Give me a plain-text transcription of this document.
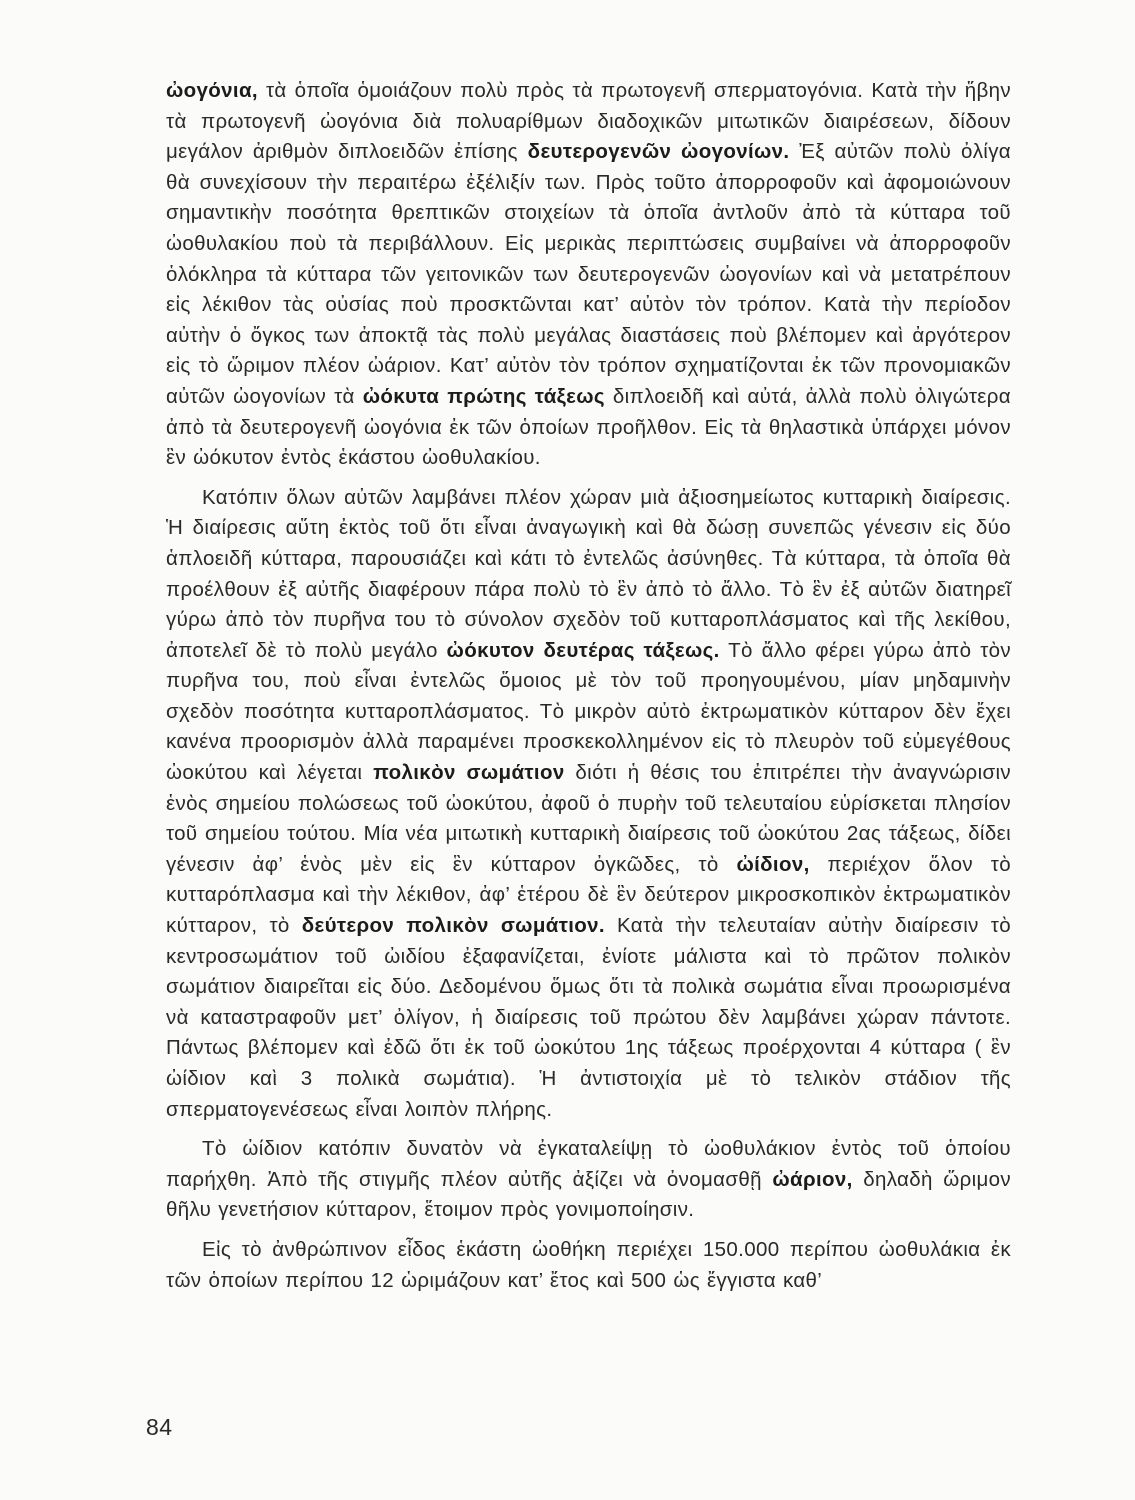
ὠογόνια, τὰ ὁποῖα ὁμοιάζουν πολὺ πρὸς τὰ πρωτογενῆ σπερματογόνια. Κατὰ τὴν ἥβην τὰ πρωτογενῆ ὠογόνια διὰ πολυαρίθμων διαδοχικῶν μιτωτικῶν διαιρέσεων, δίδουν μεγάλον ἀριθμὸν διπλοειδῶν ἐπίσης δευτερογενῶν ὠογονίων. Ἐξ αὐτῶν πολὺ ὀλίγα θὰ συνεχίσουν τὴν περαιτέρω ἐξέλιξίν των. Πρὸς τοῦτο ἀπορροφοῦν καὶ ἀφομοιώνουν σημαντικὴν ποσότητα θρεπτικῶν στοιχείων τὰ ὁποῖα ἀντλοῦν ἀπὸ τὰ κύτταρα τοῦ ὠοθυλακίου ποὺ τὰ περιβάλλουν. Εἰς μερικὰς περιπτώσεις συμβαίνει νὰ ἀπορροφοῦν ὁλόκληρα τὰ κύτταρα τῶν γειτονικῶν των δευτερογενῶν ὠογονίων καὶ νὰ μετατρέπουν εἰς λέκιθον τὰς οὐσίας ποὺ προσκτῶνται κατ’ αὐτὸν τὸν τρόπον. Κατὰ τὴν περίοδον αὐτὴν ὁ ὄγκος των ἀποκτᾷ τὰς πολὺ μεγάλας διαστάσεις ποὺ βλέπομεν καὶ ἀργότερον εἰς τὸ ὥριμον πλέον ὠάριον. Κατ’ αὐτὸν τὸν τρόπον σχηματίζονται ἐκ τῶν προνομιακῶν αὐτῶν ὠογονίων τὰ ὠόκυτα πρώτης τάξεως διπλοειδῆ καὶ αὐτά, ἀλλὰ πολὺ ὀλιγώτερα ἀπὸ τὰ δευτερογενῆ ὠογόνια ἐκ τῶν ὁποίων προῆλθον. Εἰς τὰ θηλαστικὰ ὑπάρχει μόνον ἓν ὠόκυτον ἐντὸς ἑκάστου ὠοθυλακίου.

Κατόπιν ὅλων αὐτῶν λαμβάνει πλέον χώραν μιὰ ἀξιοσημείωτος κυτταρικὴ διαίρεσις. Ἡ διαίρεσις αὕτη ἐκτὸς τοῦ ὅτι εἶναι ἀναγωγικὴ καὶ θὰ δώσῃ συνεπῶς γένεσιν εἰς δύο ἁπλοειδῆ κύτταρα, παρουσιάζει καὶ κάτι τὸ ἐντελῶς ἀσύνηθες. Τὰ κύτταρα, τὰ ὁποῖα θὰ προέλθουν ἐξ αὐτῆς διαφέρουν πάρα πολὺ τὸ ἓν ἀπὸ τὸ ἄλλο. Τὸ ἓν ἐξ αὐτῶν διατηρεῖ γύρω ἀπὸ τὸν πυρῆνα του τὸ σύνολον σχεδὸν τοῦ κυτταροπλάσματος καὶ τῆς λεκίθου, ἀποτελεῖ δὲ τὸ πολὺ μεγάλο ὠόκυτον δευτέρας τάξεως. Τὸ ἄλλο φέρει γύρω ἀπὸ τὸν πυρῆνα του, ποὺ εἶναι ἐντελῶς ὅμοιος μὲ τὸν τοῦ προηγουμένου, μίαν μηδαμινὴν σχεδὸν ποσότητα κυτταροπλάσματος. Τὸ μικρὸν αὐτὸ ἐκτρωματικὸν κύτταρον δὲν ἔχει κανένα προορισμὸν ἀλλὰ παραμένει προσκεκολλημένον εἰς τὸ πλευρὸν τοῦ εὐμεγέθους ὠοκύτου καὶ λέγεται πολικὸν σωμάτιον διότι ἡ θέσις του ἐπιτρέπει τὴν ἀναγνώρισιν ἑνὸς σημείου πολώσεως τοῦ ὠοκύτου, ἀφοῦ ὁ πυρὴν τοῦ τελευταίου εὑρίσκεται πλησίον τοῦ σημείου τούτου. Μία νέα μιτωτικὴ κυτταρικὴ διαίρεσις τοῦ ὠοκύτου 2ας τάξεως, δίδει γένεσιν ἀφ’ ἑνὸς μὲν εἰς ἓν κύτταρον ὀγκῶδες, τὸ ὠίδιον, περιέχον ὅλον τὸ κυτταρόπλασμα καὶ τὴν λέκιθον, ἀφ’ ἑτέρου δὲ ἓν δεύτερον μικροσκοπικὸν ἐκτρωματικὸν κύτταρον, τὸ δεύτερον πολικὸν σωμάτιον. Κατὰ τὴν τελευταίαν αὐτὴν διαίρεσιν τὸ κεντροσωμάτιον τοῦ ὠιδίου ἐξαφανίζεται, ἐνίοτε μάλιστα καὶ τὸ πρῶτον πολικὸν σωμάτιον διαιρεῖται εἰς δύο. Δεδομένου ὅμως ὅτι τὰ πολικὰ σωμάτια εἶναι προωρισμένα νὰ καταστραφοῦν μετ’ ὀλίγον, ἡ διαίρεσις τοῦ πρώτου δὲν λαμβάνει χώραν πάντοτε. Πάντως βλέπομεν καὶ ἐδῶ ὅτι ἐκ τοῦ ὠοκύτου 1ης τάξεως προέρχονται 4 κύτταρα ( ἓν ὠίδιον καὶ 3 πολικὰ σωμάτια). Ἡ ἀντιστοιχία μὲ τὸ τελικὸν στάδιον τῆς σπερματογενέσεως εἶναι λοιπὸν πλήρης.

Τὸ ὠίδιον κατόπιν δυνατὸν νὰ ἐγκαταλείψῃ τὸ ὠοθυλάκιον ἐντὸς τοῦ ὁποίου παρήχθη. Ἀπὸ τῆς στιγμῆς πλέον αὐτῆς ἀξίζει νὰ ὀνομασθῇ ὠάριον, δηλαδὴ ὥριμον θῆλυ γενετήσιον κύτταρον, ἕτοιμον πρὸς γονιμοποίησιν.

Εἰς τὸ ἀνθρώπινον εἶδος ἑκάστη ὠοθήκη περιέχει 150.000 περίπου ὠοθυλάκια ἐκ τῶν ὁποίων περίπου 12 ὡριμάζουν κατ’ ἔτος καὶ 500 ὡς ἔγγιστα καθ’

84
